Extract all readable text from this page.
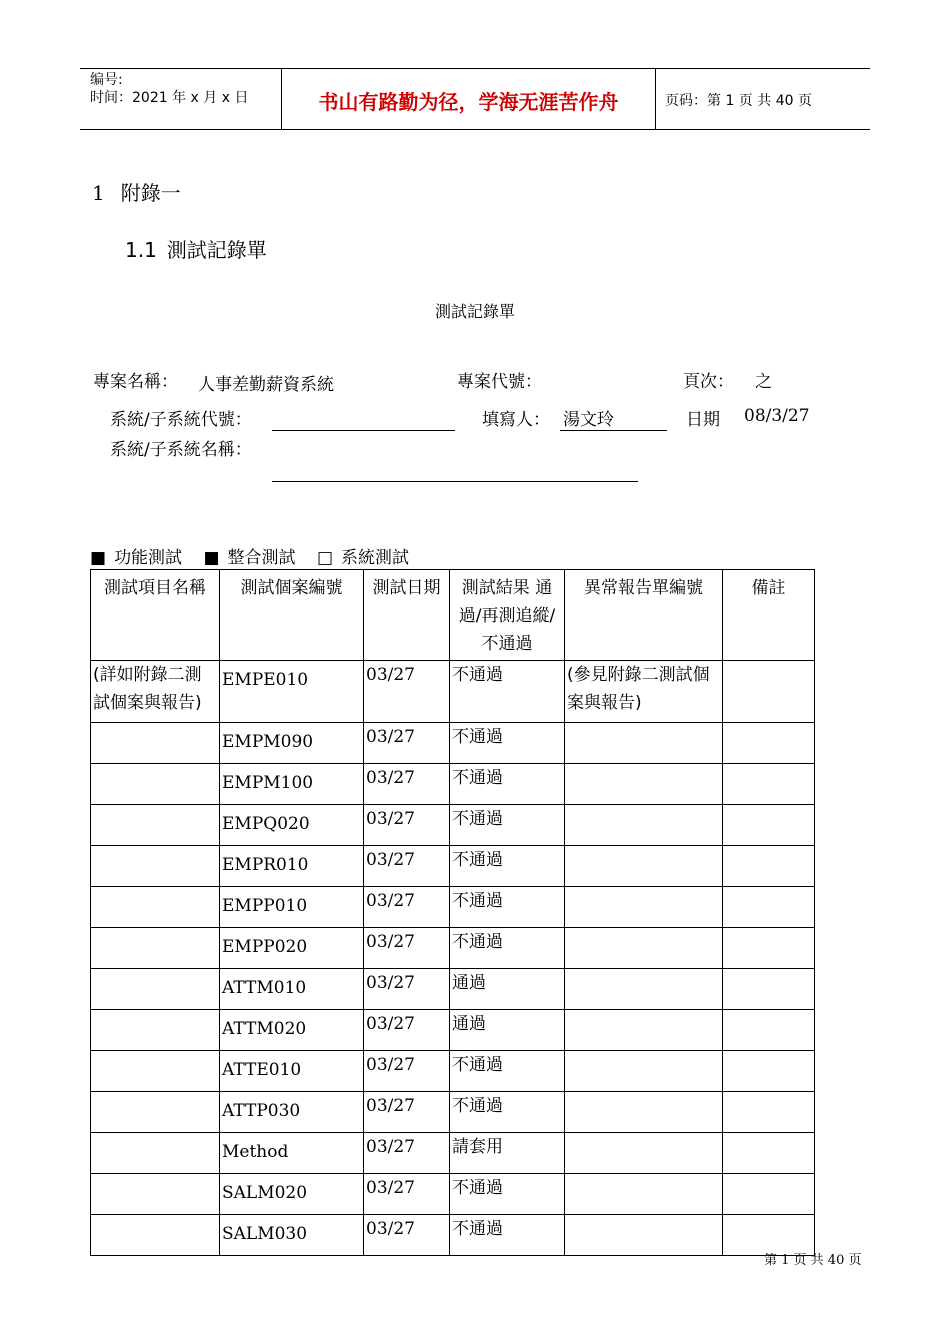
编号:
时间：2021 年 x 月 x 日	书山有路勤为径，学海无涯苦作舟	页码：第 1 页 共 40 页
1 附錄一
1.1 測試記錄單
測試記錄單
專案名稱： 人事差勤薪資系統	專案代號：	頁次： 之
系統/子系統代號：	填寫人： 湯文玲	日期 08/3/27
系統/子系統名稱：
■ 功能測試 ■ 整合測試 □ 系統測試
測試項目名稱	測試個案編號	測試日期	測試結果 通過/再測追縱/不通過	異常報告單編號	備註
(詳如附錄二測試個案與報告)	EMPE010	03/27	不通過	(參見附錄二測試個案與報告)	
	EMPM090	03/27	不通過		
	EMPM100	03/27	不通過		
	EMPQ020	03/27	不通過		
	EMPR010	03/27	不通過		
	EMPP010	03/27	不通過		
	EMPP020	03/27	不通過		
	ATTM010	03/27	通過		
	ATTM020	03/27	通過		
	ATTE010	03/27	不通過		
	ATTP030	03/27	不通過		
	Method	03/27	請套用		
	SALM020	03/27	不通過		
	SALM030	03/27	不通過		
第 1 页 共 40 页
